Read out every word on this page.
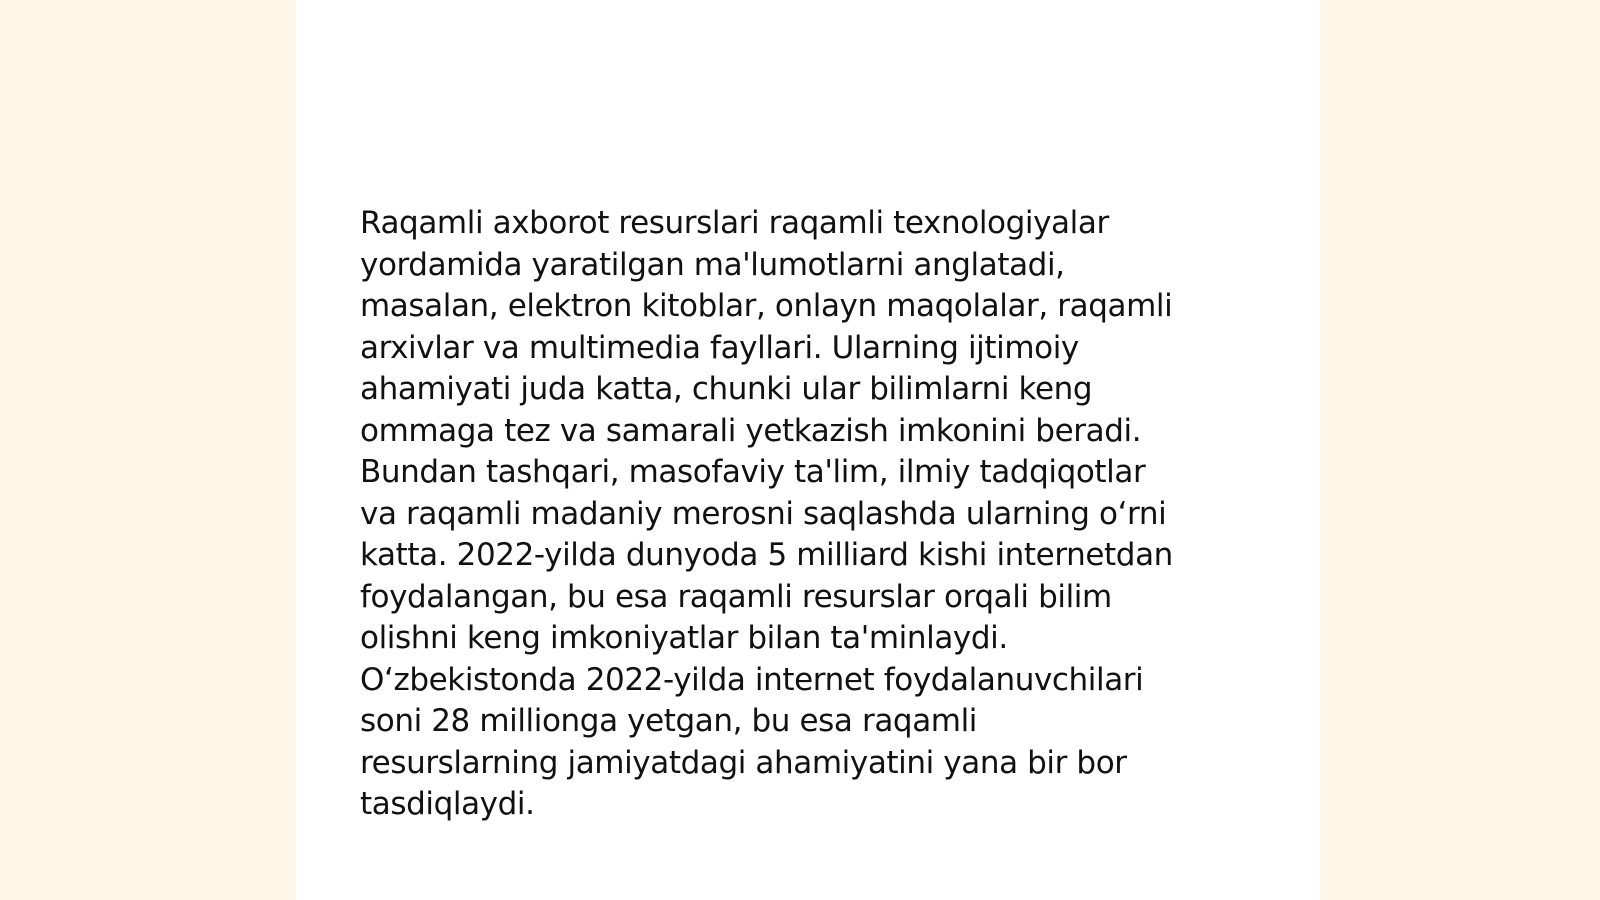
Raqamli axborot resurslari raqamli texnologiyalar
yordamida yaratilgan ma'lumotlarni anglatadi,
masalan, elektron kitoblar, onlayn maqolalar, raqamli
arxivlar va multimedia fayllari. Ularning ijtimoiy
ahamiyati juda katta, chunki ular bilimlarni keng
ommaga tez va samarali yetkazish imkonini beradi.
Bundan tashqari, masofaviy ta'lim, ilmiy tadqiqotlar
va raqamli madaniy merosni saqlashda ularning o‘rni
katta. 2022-yilda dunyoda 5 milliard kishi internetdan
foydalangan, bu esa raqamli resurslar orqali bilim
olishni keng imkoniyatlar bilan ta'minlaydi.
O‘zbekistonda 2022-yilda internet foydalanuvchilari
soni 28 millionga yetgan, bu esa raqamli
resurslarning jamiyatdagi ahamiyatini yana bir bor
tasdiqlaydi.
